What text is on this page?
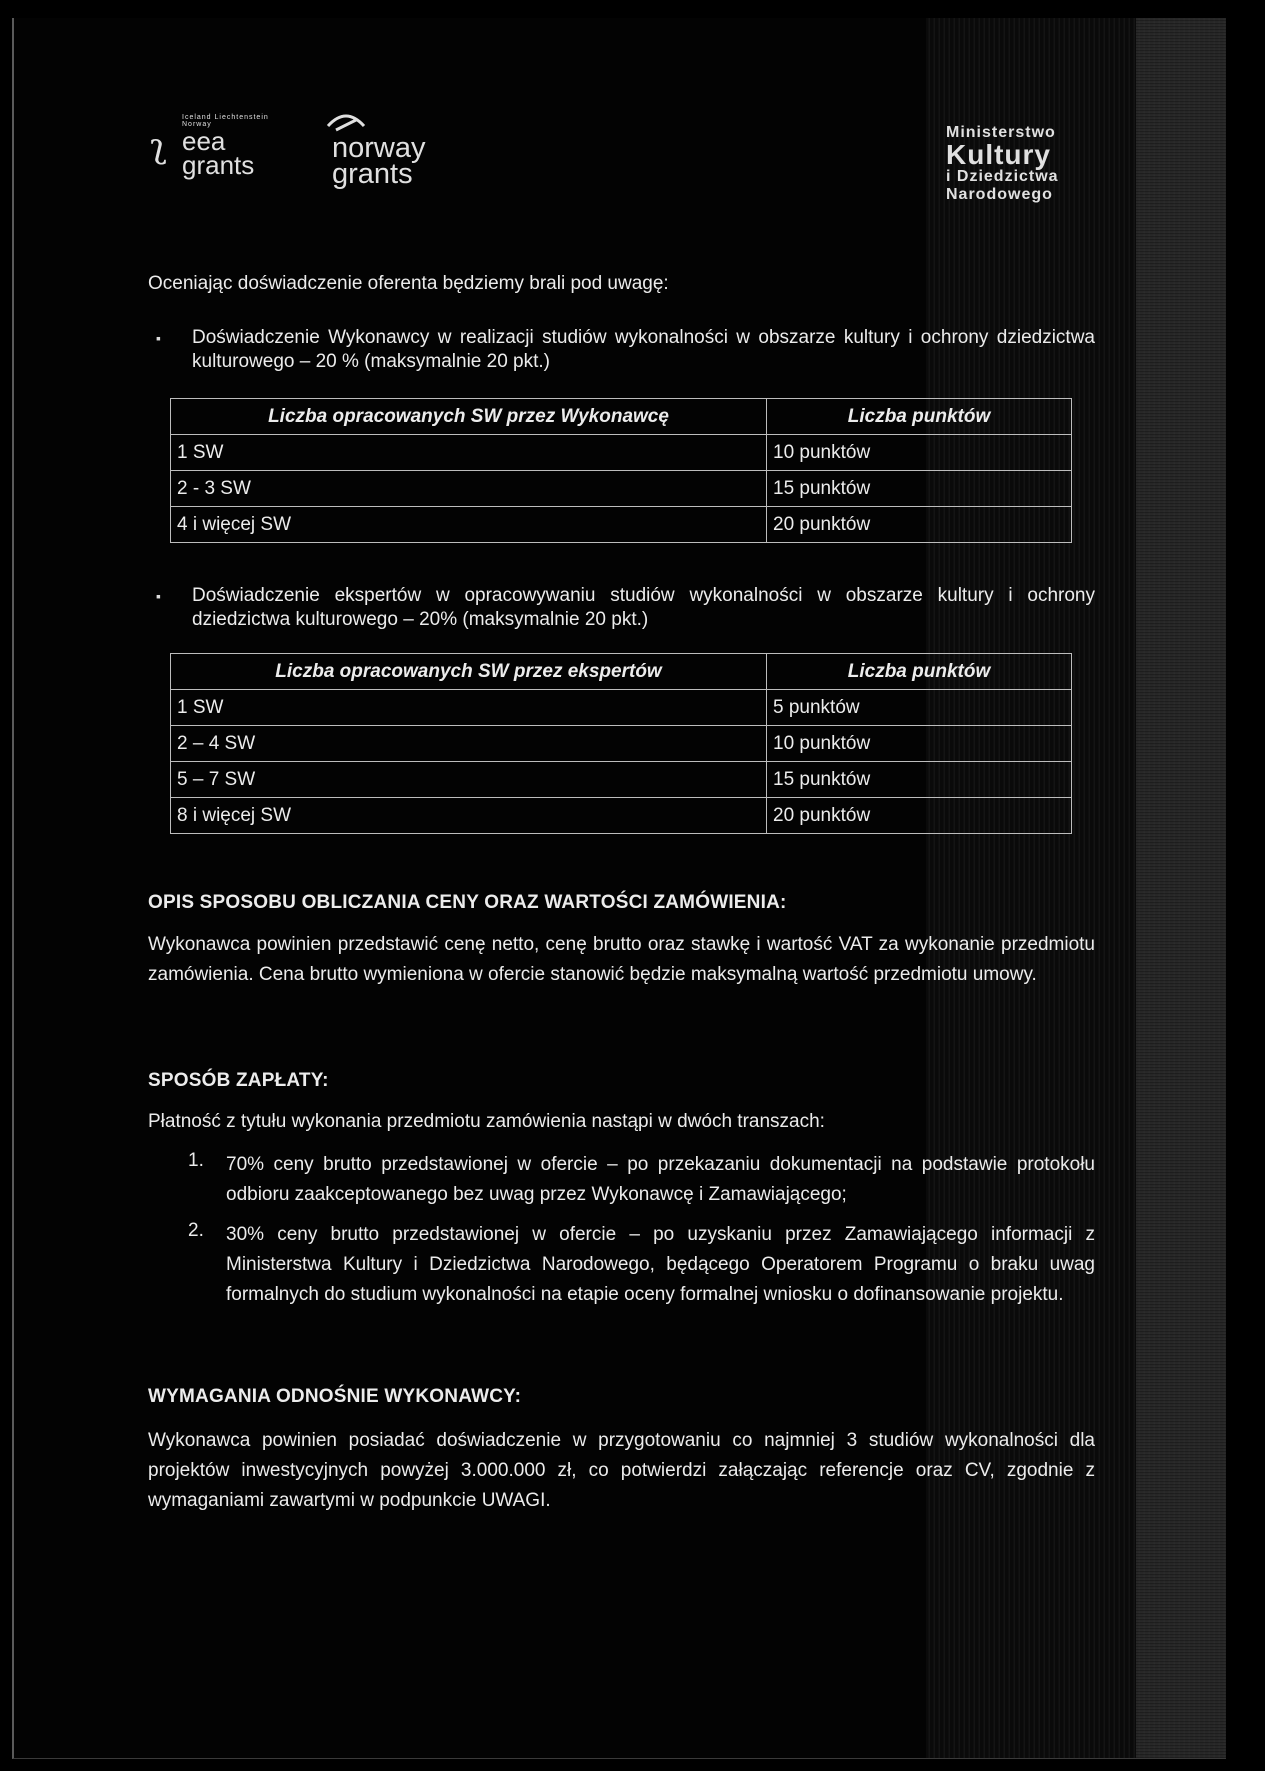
ʅ
Iceland Liechtenstein Norway
eea
grants
norway
grants
Ministerstwo
Kultury
i Dziedzictwa
Narodowego
Oceniając doświadczenie oferenta będziemy brali pod uwagę:
▪ Doświadczenie Wykonawcy w realizacji studiów wykonalności w obszarze kultury i ochrony dziedzictwa kulturowego – 20 % (maksymalnie 20 pkt.)
Liczba opracowanych SW przez Wykonawcę	Liczba punktów
1 SW	10 punktów
2 - 3 SW	15 punktów
4 i więcej SW	20 punktów
▪ Doświadczenie ekspertów w opracowywaniu studiów wykonalności w obszarze kultury i ochrony dziedzictwa kulturowego – 20% (maksymalnie 20 pkt.)
Liczba opracowanych SW przez ekspertów	Liczba punktów
1 SW	5 punktów
2 – 4 SW	10 punktów
5 – 7 SW	15 punktów
8 i więcej SW	20 punktów
OPIS SPOSOBU OBLICZANIA CENY ORAZ WARTOŚCI ZAMÓWIENIA:
Wykonawca powinien przedstawić cenę netto, cenę brutto oraz stawkę i wartość VAT za wykonanie przedmiotu zamówienia. Cena brutto wymieniona w ofercie stanowić będzie maksymalną wartość przedmiotu umowy.
SPOSÓB ZAPŁATY:
Płatność z tytułu wykonania przedmiotu zamówienia nastąpi w dwóch transzach:
1. 70% ceny brutto przedstawionej w ofercie – po przekazaniu dokumentacji na podstawie protokołu odbioru zaakceptowanego bez uwag przez Wykonawcę i Zamawiającego;
2. 30% ceny brutto przedstawionej w ofercie – po uzyskaniu przez Zamawiającego informacji z Ministerstwa Kultury i Dziedzictwa Narodowego, będącego Operatorem Programu o braku uwag formalnych do studium wykonalności na etapie oceny formalnej wniosku o dofinansowanie projektu.
WYMAGANIA ODNOŚNIE WYKONAWCY:
Wykonawca powinien posiadać doświadczenie w przygotowaniu co najmniej 3 studiów wykonalności dla projektów inwestycyjnych powyżej 3.000.000 zł, co potwierdzi załączając referencje oraz CV, zgodnie z wymaganiami zawartymi w podpunkcie UWAGI.
